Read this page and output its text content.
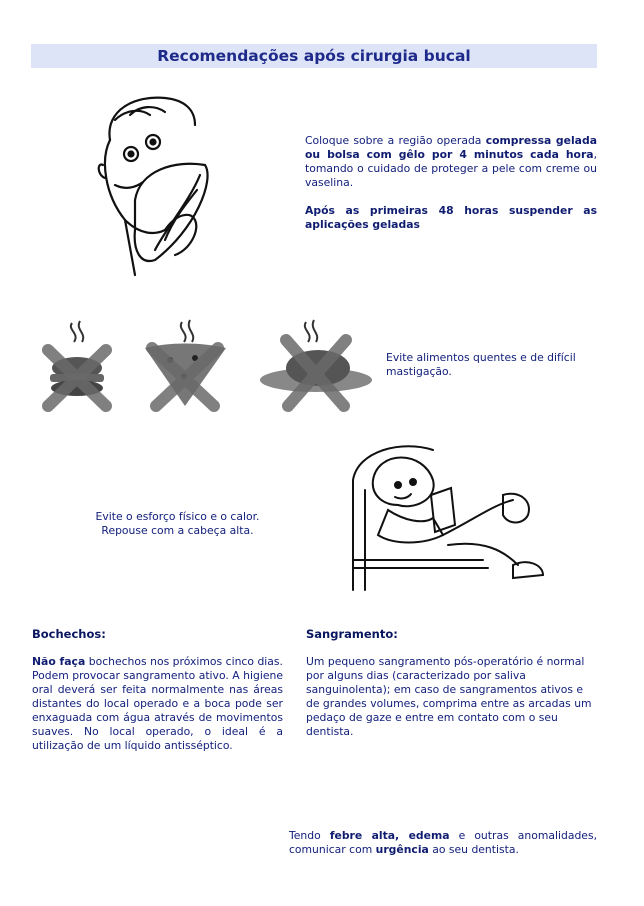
Recomendações após cirurgia bucal
Coloque sobre a região operada compressa gelada ou bolsa com gêlo por 4 minutos cada hora, tomando o cuidado de proteger a pele com creme ou vaselina.
Após as primeiras 48 horas suspender as aplicações geladas
Evite alimentos quentes e de difícil mastigação.
Evite o esforço físico e o calor.
Repouse com a cabeça alta.
Bochechos:
Não faça bochechos nos próximos cinco dias. Podem provocar sangramento ativo. A higiene oral deverá ser feita normalmente nas áreas distantes do local operado e a boca pode ser enxaguada com água através de movimentos suaves. No local operado, o ideal é a utilização de um líquido antisséptico.
Sangramento:
Um pequeno sangramento pós-operatório é normal por alguns dias (caracterizado por saliva sanguinolenta); em caso de sangramentos ativos e de grandes volumes, comprima entre as arcadas um pedaço de gaze e entre em contato com o seu dentista.
Tendo febre alta, edema e outras anomalidades, comunicar com urgência ao seu dentista.
